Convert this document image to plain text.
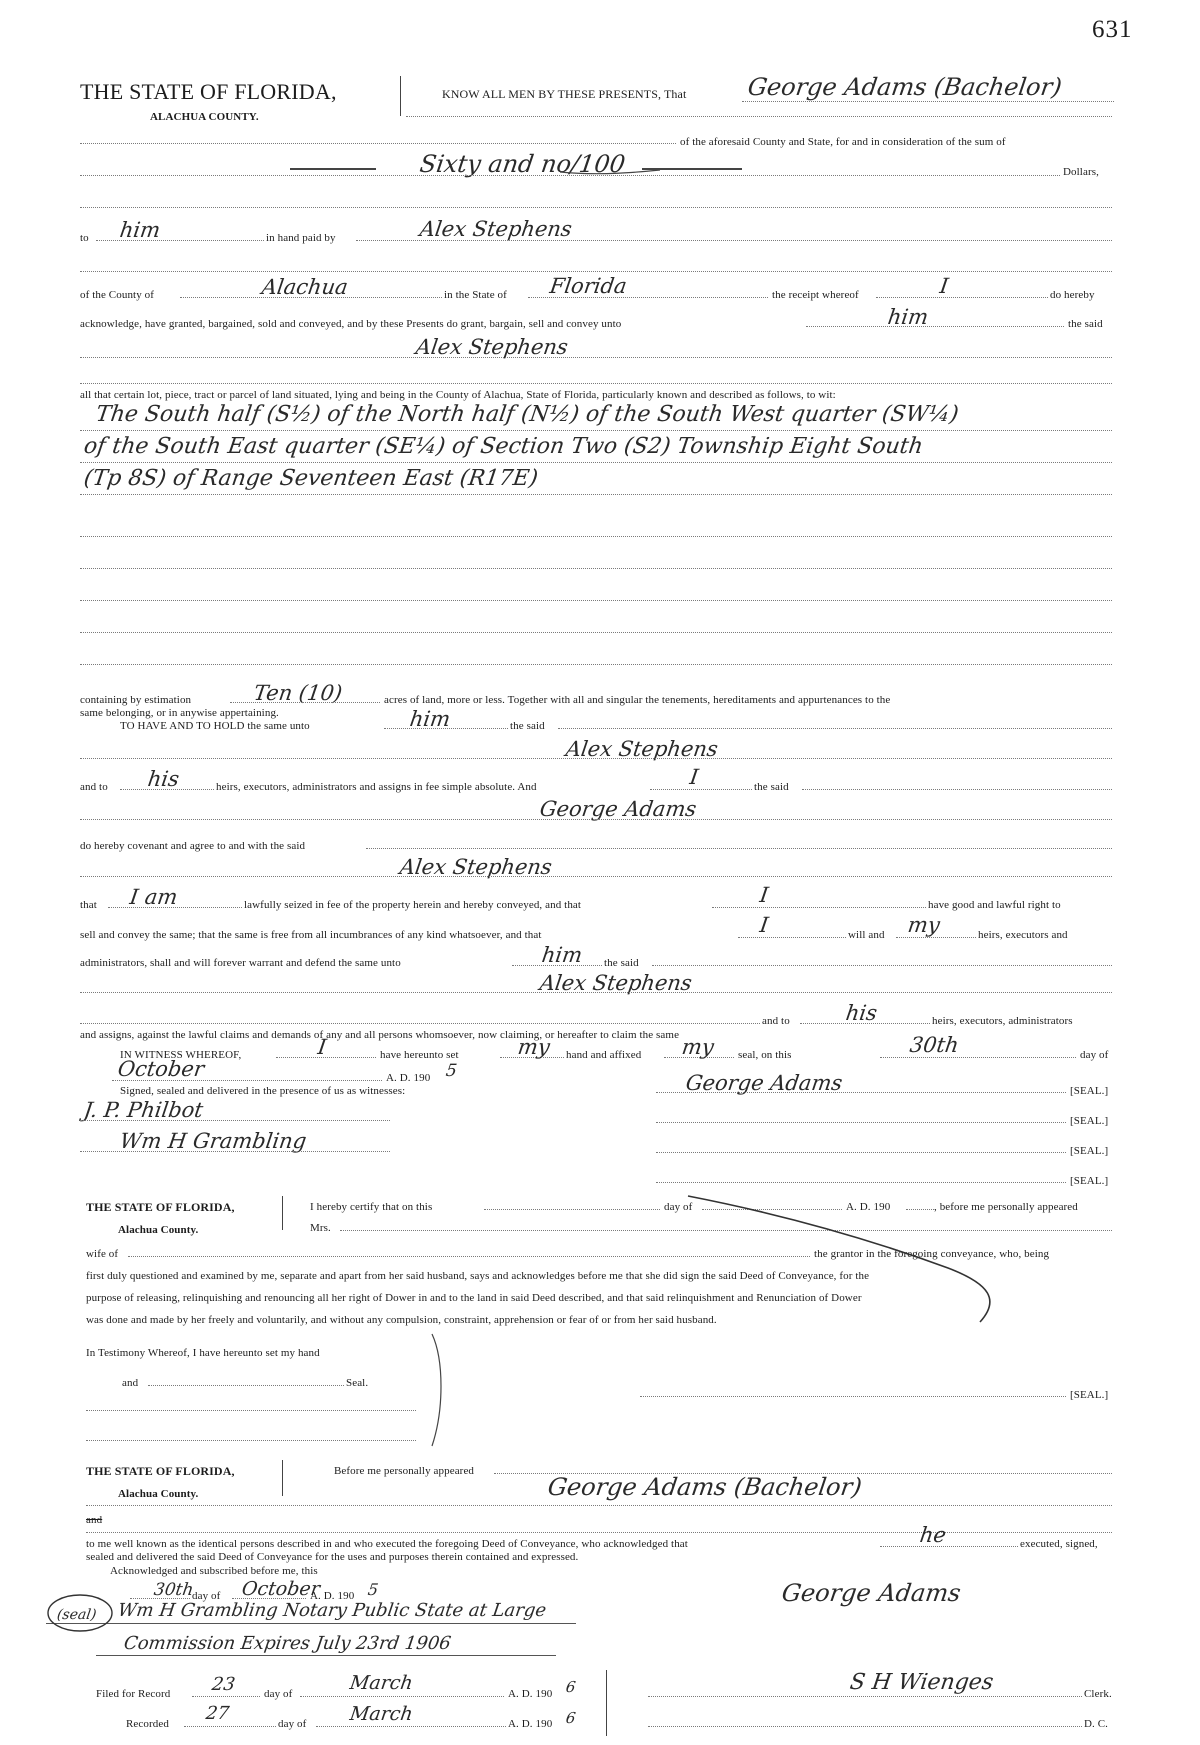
631
THE STATE OF FLORIDA,
ALACHUA COUNTY.
KNOW ALL MEN BY THESE PRESENTS, That George Adams (Bachelor)
of the aforesaid County and State, for and in consideration of the sum of
Sixty and no/100	Dollars,
to him	in hand paid by	Alex Stephens
of the County of	Alachua	in the State of Florida	the receipt whereof	I	do hereby
acknowledge, have granted, bargained, sold and conveyed, and by these Presents do grant, bargain, sell and convey unto	him	the said
Alex Stephens
all that certain lot, piece, tract or parcel of land situated, lying and being in the County of Alachua, State of Florida, particularly known and described as follows, to wit:
The South half (S½) of the North half (N½) of the South West quarter (SW¼)
of the South East quarter (SE¼) of Section Two (S2) Township Eight South
(Tp 8S) of Range Seventeen East (R17E)
containing by estimation	Ten (10)	acres of land, more or less. Together with all and singular the tenements, hereditaments and appurtenances to the
same belonging, or in anywise appertaining.
TO HAVE AND TO HOLD the same unto	him	the said
Alex Stephens
and to his	heirs, executors, administrators and assigns in fee simple absolute. And	I	the said
George Adams
do hereby covenant and agree to and with the said
Alex Stephens
that I am	lawfully seized in fee of the property herein and hereby conveyed, and that	I	have good and lawful right to
sell and convey the same; that the same is free from all incumbrances of any kind whatsoever, and that	I	will and my	heirs, executors and
administrators, shall and will forever warrant and defend the same unto	him the said
Alex Stephens
and to	his	heirs, executors, administrators
and assigns, against the lawful claims and demands of any and all persons whomsoever, now claiming, or hereafter to claim the same
IN WITNESS WHEREOF,	I	have hereunto set	my hand and affixed my seal, on this	30th	day of
October	A. D. 190 5
Signed, sealed and delivered in the presence of us as witnesses:	George Adams	[SEAL.]
J. P. Philbot	[SEAL.]
Wm H Grambling	[SEAL.]
[SEAL.]
THE STATE OF FLORIDA,
Alachua County.
I hereby certify that on this	day of	A. D. 190	, before me personally appeared
Mrs.
wife of	the grantor in the foregoing conveyance, who, being
first duly questioned and examined by me, separate and apart from her said husband, says and acknowledges before me that she did sign the said Deed of Conveyance, for the
purpose of releasing, relinquishing and renouncing all her right of Dower in and to the land in said Deed described, and that said relinquishment and Renunciation of Dower
was done and made by her freely and voluntarily, and without any compulsion, constraint, apprehension or fear of or from her said husband.
In Testimony Whereof, I have hereunto set my hand
and	Seal.
[SEAL.]
THE STATE OF FLORIDA,
Alachua County.
Before me personally appeared
George Adams (Bachelor)
and
to me well known as the identical persons described in and who executed the foregoing Deed of Conveyance, who acknowledged that	he	executed, signed,
sealed and delivered the said Deed of Conveyance for the uses and purposes therein contained and expressed.
Acknowledged and subscribed before me, this
30th
day of October
A. D. 190 5	George Adams
(seal) Wm H Grambling Notary Public State at Large
Commission Expires July 23rd 1906
Filed for Record 23	day of	March	A. D. 190 6	S H Wienges	Clerk.
Recorded 27	day of March	A. D. 190 6	D. C.
